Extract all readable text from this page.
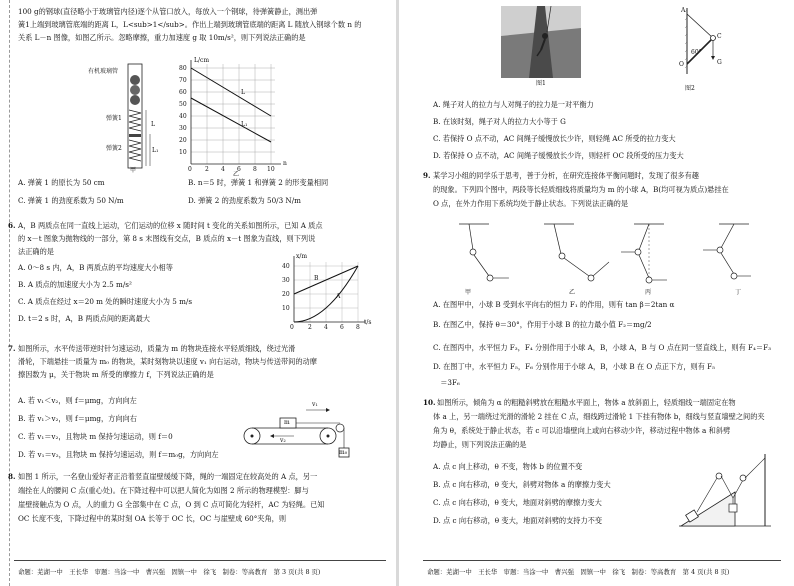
100 g的钢球(直径略小于玻璃管内径)逐个从管口放入，每放入一个钢球，待弹簧静止，测出弹
簧1上端到玻璃管底端的距离 L，L<sub>1</sub>。作出上端到玻璃管底端的距离 L 随放入钢球个数 n 的
关系 L－n 图像，如图乙所示。忽略摩擦，重力加速度 g 取 10m/s²，则下列说法正确的是
有机玻璃管
弹簧1
弹簧2
L
L₁
甲
L/cm
n
80
70
60
50
40
30
20
10
0 2 4 6 8 10
L
L₁
乙
A. 弹簧 1 的原长为 50 cm	B. n＝5 时，弹簧 1 和弹簧 2 的形变量相同
C. 弹簧 1 的劲度系数为 50 N/m	D. 弹簧 2 的劲度系数为 50/3 N/m
6. A，B 两质点在同一直线上运动，它们运动的位移 x 随时间 t 变化的关系如图所示，已知 A 质点
的 x－t 图象为抛物线的一部分，第 8 s 末图线有交点，B 质点的 x－t 图象为直线，则下列说
法正确的是
A. 0～8 s 内，A，B 两质点的平均速度大小相等
B. A 质点的加速度大小为 2.5 m/s²
C. A 质点在经过 x＝20 m 处的瞬时速度大小为 5 m/s
D. t＝2 s 时，A，B 两质点间的距离最大
x/m
t/s
40
30
20
10
0 2 4 6 8
A
B
7. 如图所示，水平传送带逆时针匀速运动，质量为 m 的物块连接水平轻质细线，绕过光滑
滑轮，下端悬挂一质量为 m₀ 的物块，某时刻物块以速度 v₁ 向右运动，物块与传送带间的动摩
擦因数为 μ，关于物块 m 所受的摩擦力 f，下列说法正确的是
A. 若 v₁＜v₂，则 f＝μmg，方向向左
B. 若 v₁＞v₂，则 f＝μmg，方向向右
C. 若 v₁＝v₂，且物块 m 保持匀速运动，则 f＝0
D. 若 v₁＝v₂，且物块 m 保持匀速运动，则 f＝m₀g，方向向左
m
v₁
v₂
m₀
8. 如图 1 所示，一名登山爱好者正沿着竖直崖壁缓缓下降，绳的一端固定在较高处的 A 点，另一
端拴在人的腰间 C 点(重心处)。在下降过程中可以把人简化为如图 2 所示的物理模型：脚与
崖壁接触点为 O 点，人的重力 G 全部集中在 C 点，O 到 C 点可简化为轻杆，AC 为轻绳。已知
OC 长度不变，下降过程中的某时刻 OA 长等于 OC 长，OC 与崖壁成 60°夹角，则
命题：芜湖一中　王长华　审题：当涂一中　曹兴强　固镇一中　徐飞　制卷：等高教育　第 3 页(共 8 页)
图1
A
C
O	G
60°
图2
A. 绳子对人的拉力与人对绳子的拉力是一对平衡力
B. 在该时刻，绳子对人的拉力大小等于 G
C. 若保持 O 点不动，AC 间绳子缓慢放长少许，则轻绳 AC 所受的拉力变大
D. 若保持 O 点不动，AC 间绳子缓慢放长少许，则轻杆 OC 段所受的压力变大
9. 某学习小组的同学乐于思考，善于分析，在研究连接体平衡问题时，发现了很多有趣
的现象。下列四个图中，两段等长轻质细线将质量均为 m 的小球 A，B(均可视为质点)悬挂在
O 点，在外力作用下系统均处于静止状态。下列说法正确的是
甲	乙	丙	丁
A. 在图甲中，小球 B 受到水平向右的恒力 F₁ 的作用，则有 tan β＝2tan α
B. 在图乙中，保持 θ＝30°，作用于小球 B 的拉力最小值 F₂＝mg/2
C. 在图丙中，水平恒力 F₃，F₄ 分别作用于小球 A，B，小球 A，B 与 O 点在同一竖直线上，则有 F₄＝F₃
D. 在图丁中，水平恒力 F₅，F₆ 分别作用于小球 A，B，小球 B 在 O 点正下方，则有 F₅
　＝3F₆
10. 如图所示，倾角为 α 的粗糙斜劈放在粗糙水平面上，物体 a 放斜面上，轻质细线一端固定在物
体 a 上，另一端绕过光滑的滑轮 2 挂在 C 点，细线跨过滑轮 1 下挂有物体 b，细线与竖直墙壁之间的夹
角为 θ，系统处于静止状态，若 c 可以沿墙壁向上或向右移动少许，移动过程中物体 a 和斜劈
均静止，则下列说法正确的是
A. 点 c 向上移动，θ 不变，物体 b 的位置不变
B. 点 c 向右移动，θ 变大，斜劈对物体 a 的摩擦力变大
C. 点 c 向右移动，θ 变大，地面对斜劈的摩擦力变大
D. 点 c 向右移动，θ 变大，地面对斜劈的支持力不变
命题：芜湖一中　王长华　审题：当涂一中　曹兴强　固镇一中　徐飞　制卷：等高教育　第 4 页(共 8 页)
